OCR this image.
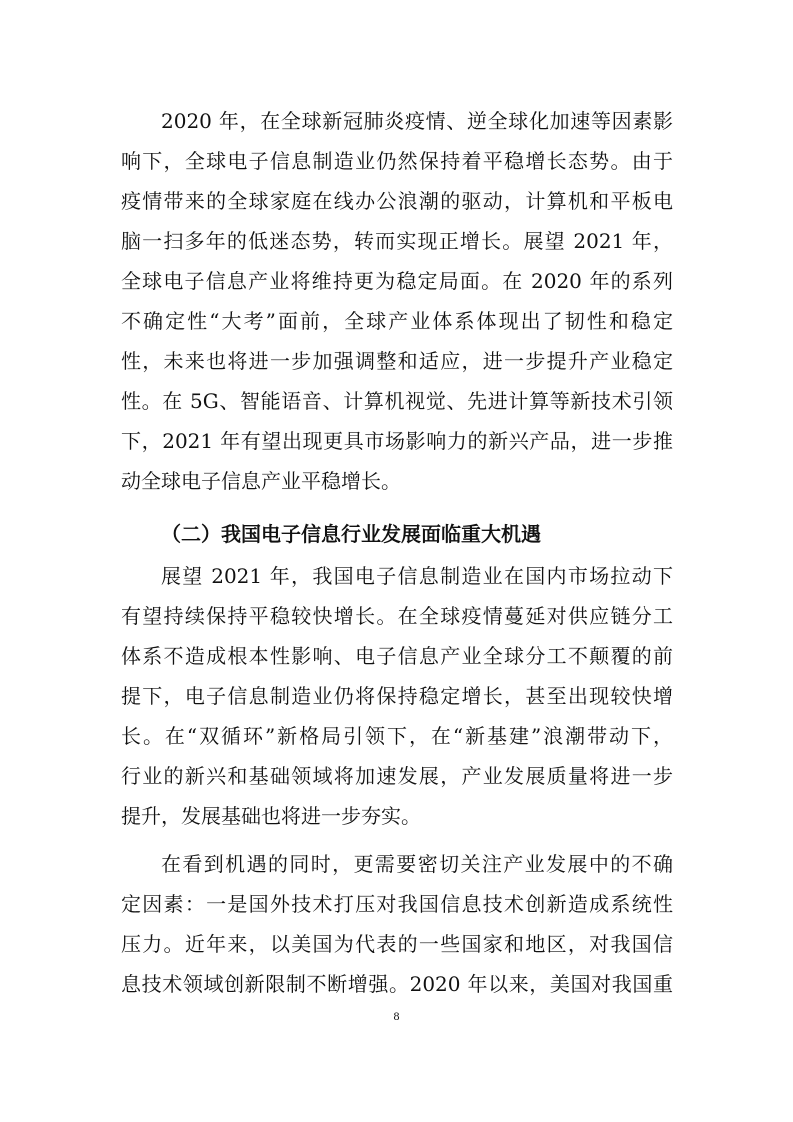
2020 年，在全球新冠肺炎疫情、逆全球化加速等因素影
响下，全球电子信息制造业仍然保持着平稳增长态势。由于
疫情带来的全球家庭在线办公浪潮的驱动，计算机和平板电
脑一扫多年的低迷态势，转而实现正增长。展望 2021 年，
全球电子信息产业将维持更为稳定局面。在 2020 年的系列
不确定性“大考”面前，全球产业体系体现出了韧性和稳定
性，未来也将进一步加强调整和适应，进一步提升产业稳定
性。在 5G、智能语音、计算机视觉、先进计算等新技术引领
下，2021 年有望出现更具市场影响力的新兴产品，进一步推
动全球电子信息产业平稳增长。
（二）我国电子信息行业发展面临重大机遇
展望 2021 年，我国电子信息制造业在国内市场拉动下
有望持续保持平稳较快增长。在全球疫情蔓延对供应链分工
体系不造成根本性影响、电子信息产业全球分工不颠覆的前
提下，电子信息制造业仍将保持稳定增长，甚至出现较快增
长。在“双循环”新格局引领下，在“新基建”浪潮带动下，
行业的新兴和基础领域将加速发展，产业发展质量将进一步
提升，发展基础也将进一步夯实。
在看到机遇的同时，更需要密切关注产业发展中的不确
定因素：一是国外技术打压对我国信息技术创新造成系统性
压力。近年来，以美国为代表的一些国家和地区，对我国信
息技术领域创新限制不断增强。2020 年以来，美国对我国重
8
